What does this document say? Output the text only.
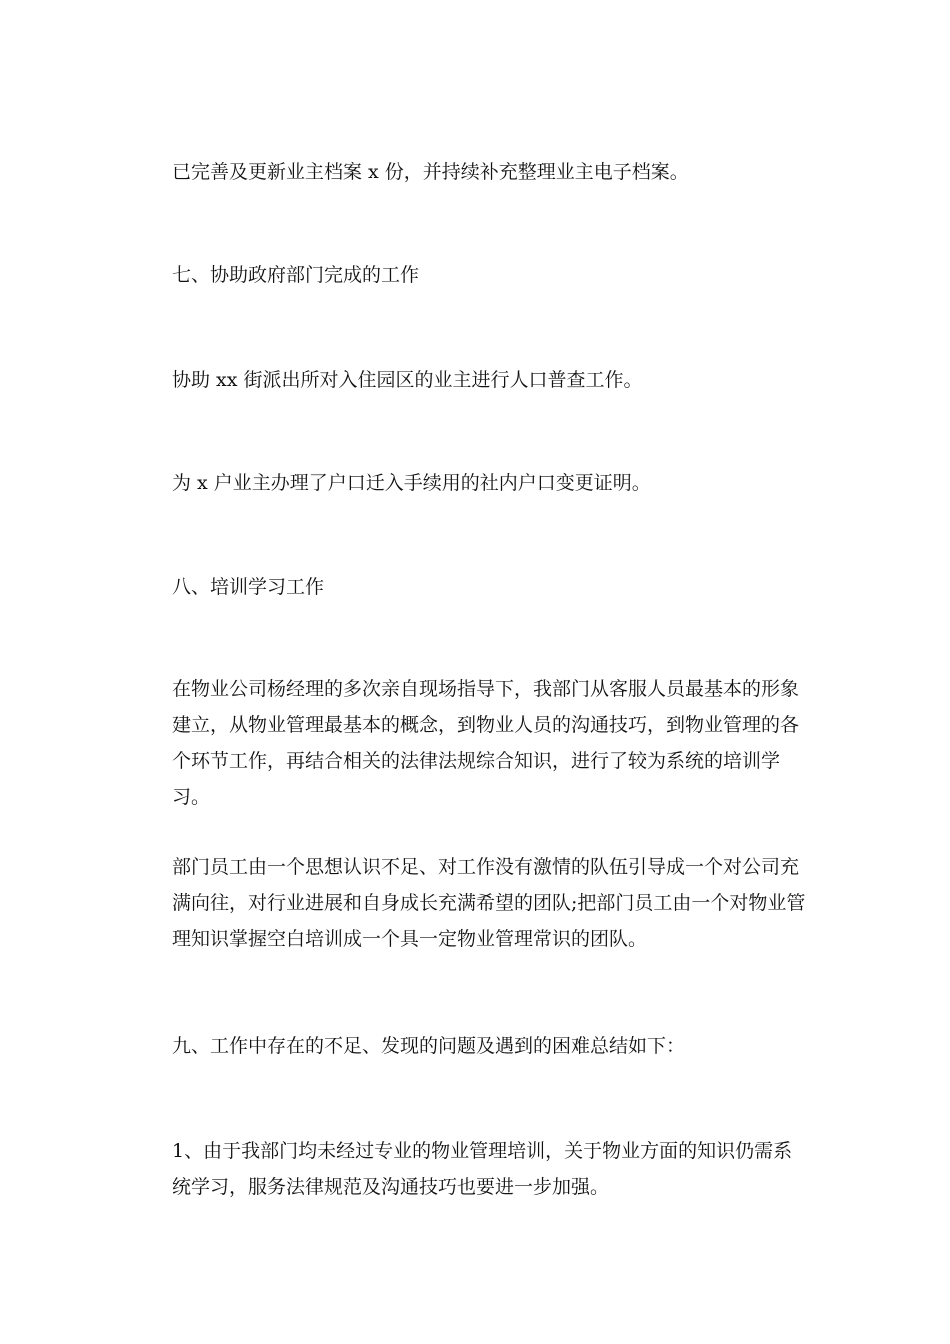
已完善及更新业主档案 x 份，并持续补充整理业主电子档案。

七、协助政府部门完成的工作

协助 xx 街派出所对入住园区的业主进行人口普查工作。

为 x 户业主办理了户口迁入手续用的社内户口变更证明。

八、培训学习工作

在物业公司杨经理的多次亲自现场指导下，我部门从客服人员最基本的形象建立，从物业管理最基本的概念，到物业人员的沟通技巧，到物业管理的各个环节工作，再结合相关的法律法规综合知识，进行了较为系统的培训学习。

部门员工由一个思想认识不足、对工作没有激情的队伍引导成一个对公司充满向往，对行业进展和自身成长充满希望的团队;把部门员工由一个对物业管理知识掌握空白培训成一个具一定物业管理常识的团队。

九、工作中存在的不足、发现的问题及遇到的困难总结如下：

1、由于我部门均未经过专业的物业管理培训，关于物业方面的知识仍需系统学习，服务法律规范及沟通技巧也要进一步加强。
